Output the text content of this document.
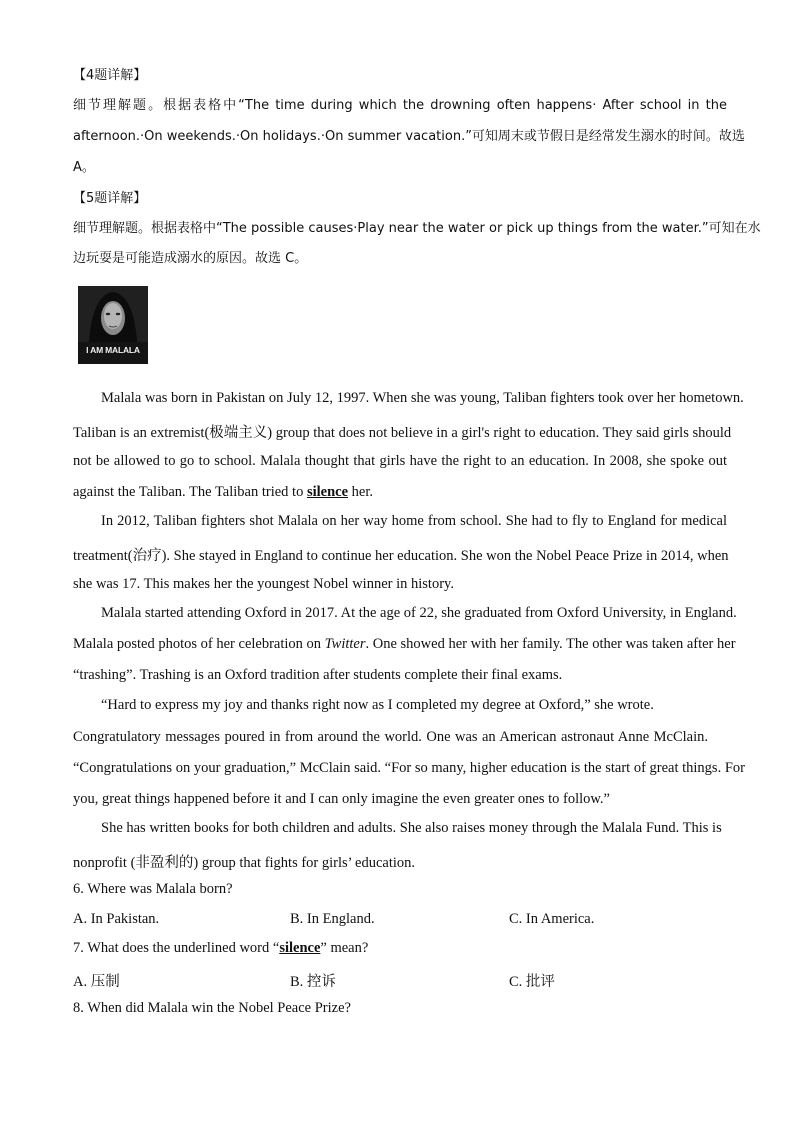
【4题详解】
细节理解题。根据表格中“The time during which the drowning often happens· After school in the
afternoon.·On weekends.·On holidays.·On summer vacation.”可知周末或节假日是经常发生溺水的时间。故选
A。
【5题详解】
细节理解题。根据表格中“The possible causes·Play near the water or pick up things from the water.”可知在水
边玩耍是可能造成溺水的原因。故选 C。
I AM MALALA
Malala was born in Pakistan on July 12, 1997. When she was young, Taliban fighters took over her hometown.
Taliban is an extremist(极端主义) group that does not believe in a girl's right to education. They said girls should
not be allowed to go to school. Malala thought that girls have the right to an education. In 2008, she spoke out
against the Taliban. The Taliban tried to silence her.
In 2012, Taliban fighters shot Malala on her way home from school. She had to fly to England for medical
treatment(治疗). She stayed in England to continue her education. She won the Nobel Peace Prize in 2014, when
she was 17. This makes her the youngest Nobel winner in history.
Malala started attending Oxford in 2017. At the age of 22, she graduated from Oxford University, in England.
Malala posted photos of her celebration on Twitter. One showed her with her family. The other was taken after her
“trashing”. Trashing is an Oxford tradition after students complete their final exams.
“Hard to express my joy and thanks right now as I completed my degree at Oxford,” she wrote.
Congratulatory messages poured in from around the world. One was an American astronaut Anne McClain.
“Congratulations on your graduation,” McClain said. “For so many, higher education is the start of great things. For
you, great things happened before it and I can only imagine the even greater ones to follow.”
She has written books for both children and adults. She also raises money through the Malala Fund. This is
nonprofit (非盈利的) group that fights for girls’ education.
6. Where was Malala born?
A. In Pakistan.	B. In England.	C. In America.
7. What does the underlined word “silence” mean?
A. 压制	B. 控诉	C. 批评
8. When did Malala win the Nobel Peace Prize?
